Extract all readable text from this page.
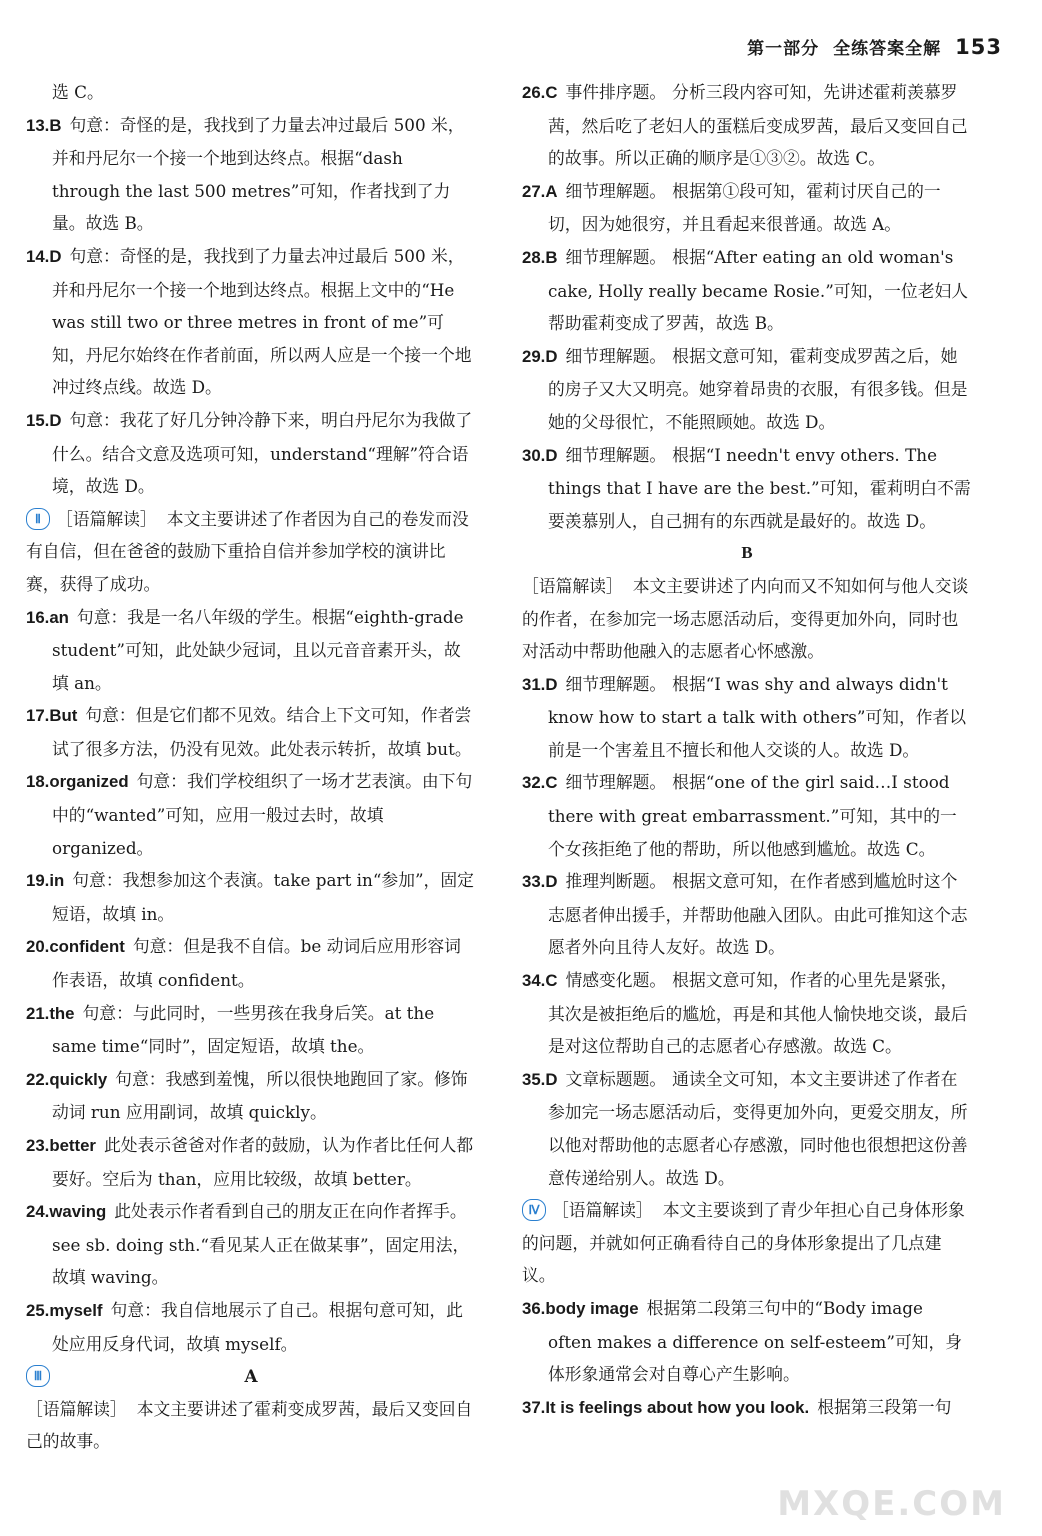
第一部分 全练答案全解 153

选 C。

13.B 句意：奇怪的是，我找到了力量去冲过最后 500 米，并和丹尼尔一个接一个地到达终点。根据“dash through the last 500 metres”可知，作者找到了力量。故选 B。

14.D 句意：奇怪的是，我找到了力量去冲过最后 500 米，并和丹尼尔一个接一个地到达终点。根据上文中的“He was still two or three metres in front of me”可知，丹尼尔始终在作者前面，所以两人应是一个接一个地冲过终点线。故选 D。

15.D 句意：我花了好几分钟冷静下来，明白丹尼尔为我做了什么。结合文意及选项可知，understand“理解”符合语境，故选 D。

Ⅱ ［语篇解读］ 本文主要讲述了作者因为自己的卷发而没有自信，但在爸爸的鼓励下重拾自信并参加学校的演讲比赛，获得了成功。

16.an 句意：我是一名八年级的学生。根据“eighth-grade student”可知，此处缺少冠词，且以元音音素开头，故填 an。

17.But 句意：但是它们都不见效。结合上下文可知，作者尝试了很多方法，仍没有见效。此处表示转折，故填 but。

18.organized 句意：我们学校组织了一场才艺表演。由下句中的“wanted”可知，应用一般过去时，故填 organized。

19.in 句意：我想参加这个表演。take part in“参加”，固定短语，故填 in。

20.confident 句意：但是我不自信。be 动词后应用形容词作表语，故填 confident。

21.the 句意：与此同时，一些男孩在我身后笑。at the same time“同时”，固定短语，故填 the。

22.quickly 句意：我感到羞愧，所以很快地跑回了家。修饰动词 run 应用副词，故填 quickly。

23.better 此处表示爸爸对作者的鼓励，认为作者比任何人都要好。空后为 than，应用比较级，故填 better。

24.waving 此处表示作者看到自己的朋友正在向作者挥手。see sb. doing sth.“看见某人正在做某事”，固定用法，故填 waving。

25.myself 句意：我自信地展示了自己。根据句意可知，此处应用反身代词，故填 myself。

Ⅲ	A

［语篇解读］ 本文主要讲述了霍莉变成罗茜，最后又变回自己的故事。

26.C 事件排序题。 分析三段内容可知，先讲述霍莉羡慕罗茜，然后吃了老妇人的蛋糕后变成罗茜，最后又变回自己的故事。所以正确的顺序是①③②。故选 C。

27.A 细节理解题。 根据第①段可知，霍莉讨厌自己的一切，因为她很穷，并且看起来很普通。故选 A。

28.B 细节理解题。 根据“After eating an old woman's cake, Holly really became Rosie.”可知，一位老妇人帮助霍莉变成了罗茜，故选 B。

29.D 细节理解题。 根据文意可知，霍莉变成罗茜之后，她的房子又大又明亮。她穿着昂贵的衣服，有很多钱。但是她的父母很忙，不能照顾她。故选 D。

30.D 细节理解题。 根据“I needn't envy others. The things that I have are the best.”可知，霍莉明白不需要羡慕别人，自己拥有的东西就是最好的。故选 D。

B

［语篇解读］ 本文主要讲述了内向而又不知如何与他人交谈的作者，在参加完一场志愿活动后，变得更加外向，同时也对活动中帮助他融入的志愿者心怀感激。

31.D 细节理解题。 根据“I was shy and always didn't know how to start a talk with others”可知，作者以前是一个害羞且不擅长和他人交谈的人。故选 D。

32.C 细节理解题。 根据“one of the girl said…I stood there with great embarrassment.”可知，其中的一个女孩拒绝了他的帮助，所以他感到尴尬。故选 C。

33.D 推理判断题。 根据文意可知，在作者感到尴尬时这个志愿者伸出援手，并帮助他融入团队。由此可推知这个志愿者外向且待人友好。故选 D。

34.C 情感变化题。 根据文意可知，作者的心里先是紧张，其次是被拒绝后的尴尬，再是和其他人愉快地交谈，最后是对这位帮助自己的志愿者心存感激。故选 C。

35.D 文章标题题。 通读全文可知，本文主要讲述了作者在参加完一场志愿活动后，变得更加外向，更爱交朋友，所以他对帮助他的志愿者心存感激，同时他也很想把这份善意传递给别人。故选 D。

Ⅳ ［语篇解读］ 本文主要谈到了青少年担心自己身体形象的问题，并就如何正确看待自己的身体形象提出了几点建议。

36.body image 根据第二段第三句中的“Body image often makes a difference on self-esteem”可知，身体形象通常会对自尊心产生影响。

37.It is feelings about how you look. 根据第三段第一句

MXQE.COM
